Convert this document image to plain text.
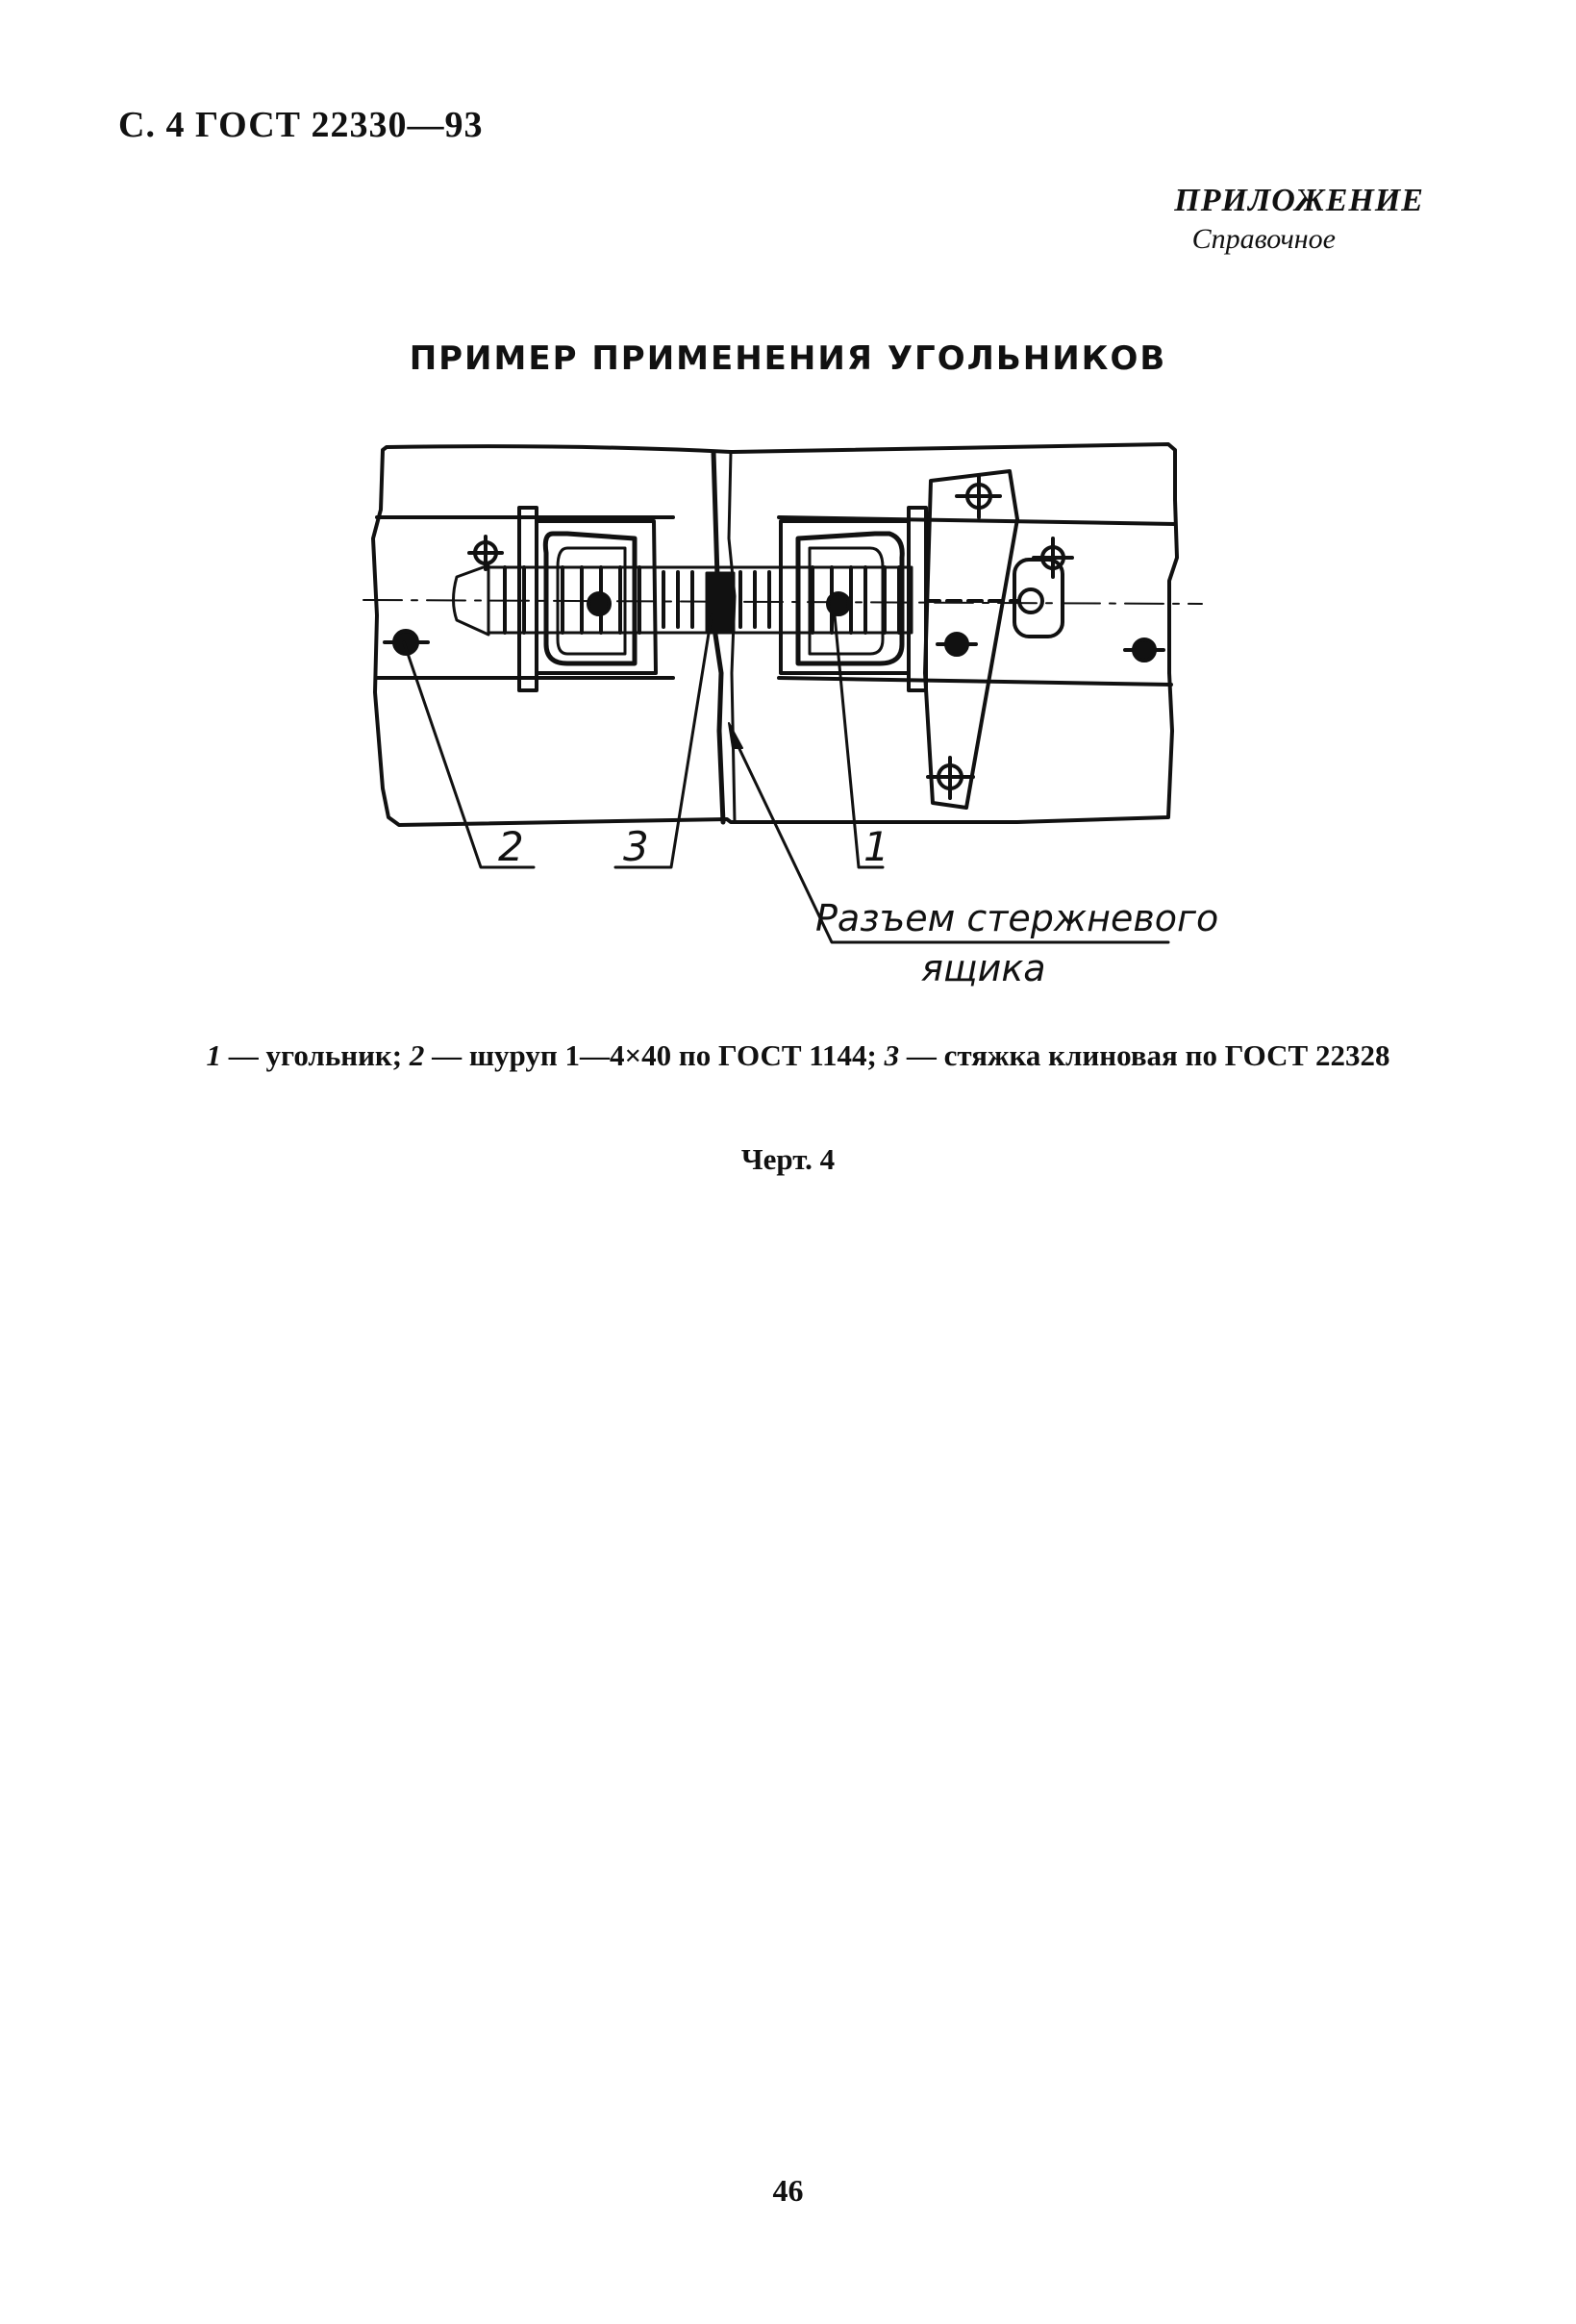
С. 4 ГОСТ 22330—93
ПРИЛОЖЕНИЕ
Справочное
ПРИМЕР ПРИМЕНЕНИЯ УГОЛЬНИКОВ
2 3	1
Разъем стержневого
ящика
1 — угольник; 2 — шуруп 1—4×40 по ГОСТ 1144; 3 — стяжка клиновая по ГОСТ 22328
Черт. 4
46
